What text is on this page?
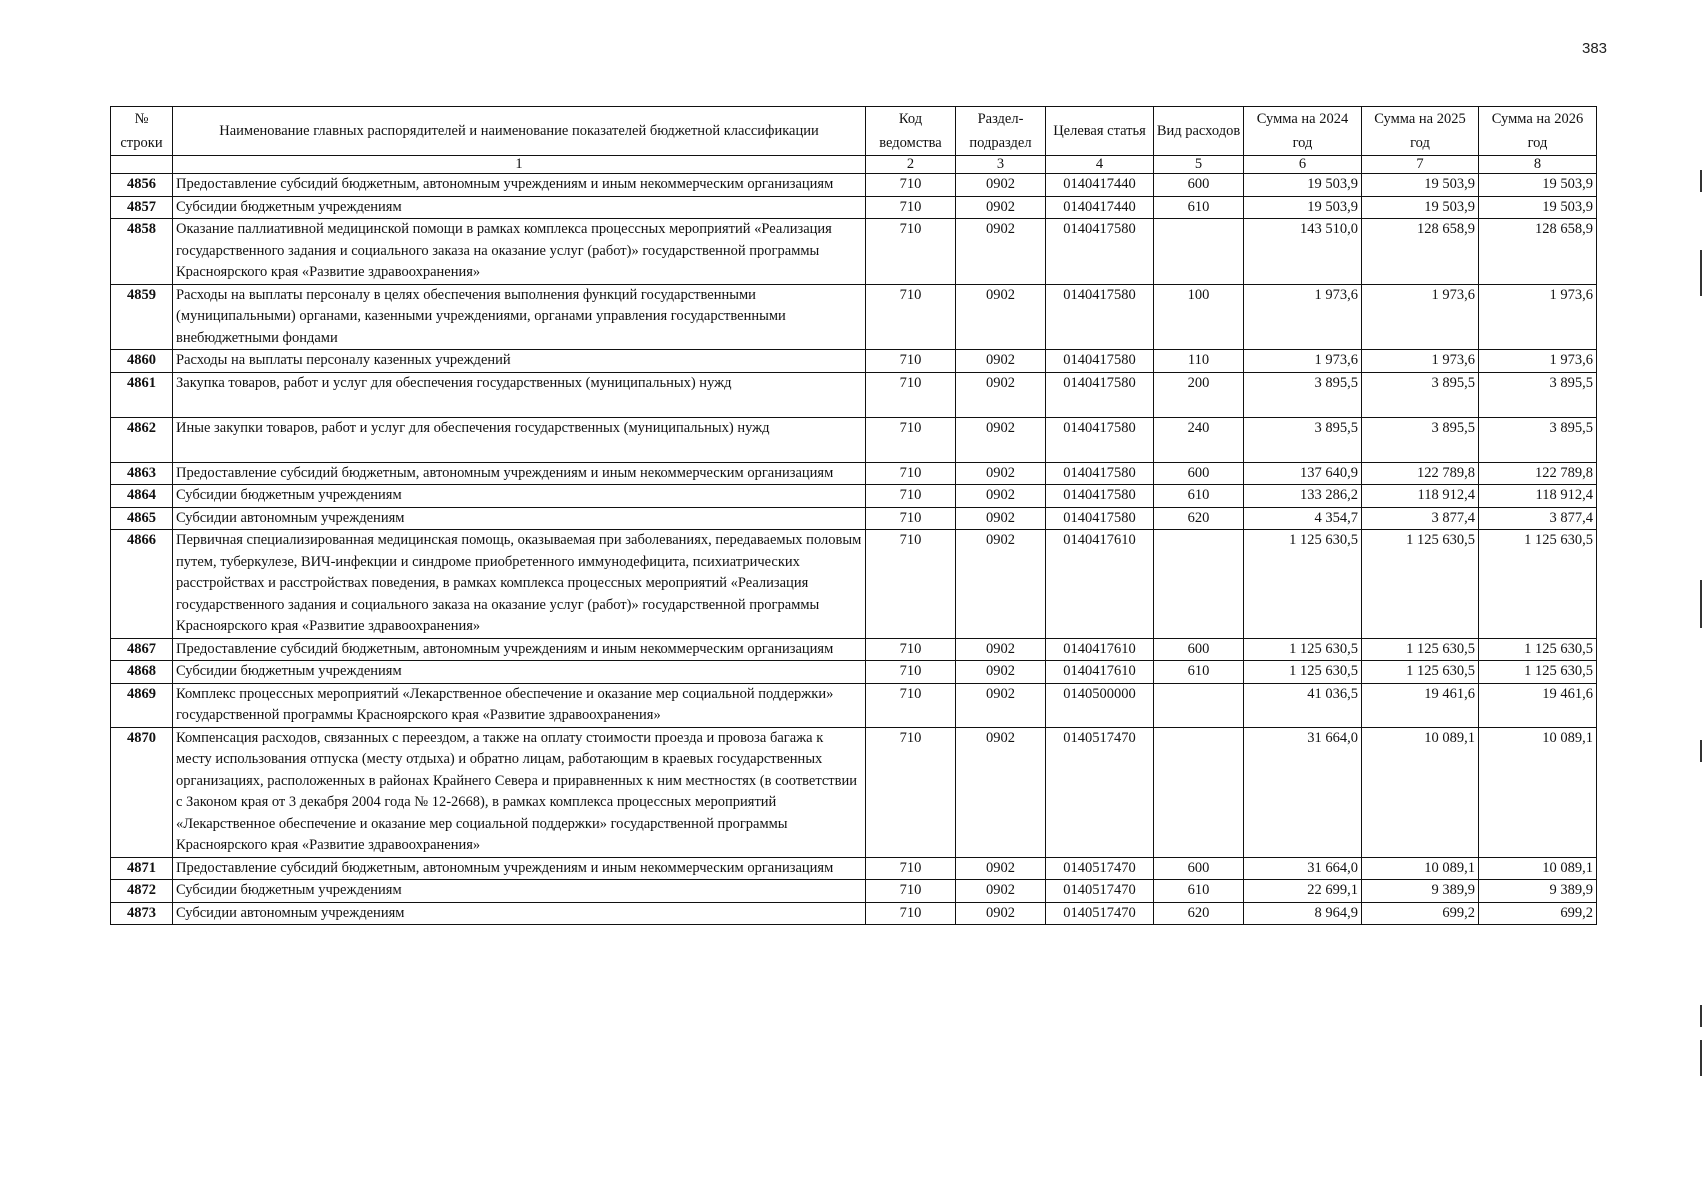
383
№ строки	Наименование главных распорядителей и наименование показателей бюджетной классификации	Код ведомства	Раздел-подраздел	Целевая статья	Вид расходов	Сумма на 2024 год	Сумма на 2025 год	Сумма на 2026 год
	1	2	3	4	5	6	7	8
4856	Предоставление субсидий бюджетным, автономным учреждениям и иным некоммерческим организациям	710	0902	0140417440	600	19 503,9	19 503,9	19 503,9
4857	Субсидии бюджетным учреждениям	710	0902	0140417440	610	19 503,9	19 503,9	19 503,9
4858	Оказание паллиативной медицинской помощи в рамках комплекса процессных мероприятий «Реализация государственного задания и социального заказа на оказание услуг (работ)» государственной программы Красноярского края «Развитие здравоохранения»	710	0902	0140417580		143 510,0	128 658,9	128 658,9
4859	Расходы на выплаты персоналу в целях обеспечения выполнения функций государственными (муниципальными) органами, казенными учреждениями, органами управления государственными внебюджетными фондами	710	0902	0140417580	100	1 973,6	1 973,6	1 973,6
4860	Расходы на выплаты персоналу казенных учреждений	710	0902	0140417580	110	1 973,6	1 973,6	1 973,6
4861	Закупка товаров, работ и услуг для обеспечения государственных (муниципальных) нужд	710	0902	0140417580	200	3 895,5	3 895,5	3 895,5
4862	Иные закупки товаров, работ и услуг для обеспечения государственных (муниципальных) нужд	710	0902	0140417580	240	3 895,5	3 895,5	3 895,5
4863	Предоставление субсидий бюджетным, автономным учреждениям и иным некоммерческим организациям	710	0902	0140417580	600	137 640,9	122 789,8	122 789,8
4864	Субсидии бюджетным учреждениям	710	0902	0140417580	610	133 286,2	118 912,4	118 912,4
4865	Субсидии автономным учреждениям	710	0902	0140417580	620	4 354,7	3 877,4	3 877,4
4866	Первичная специализированная медицинская помощь, оказываемая при заболеваниях, передаваемых половым путем, туберкулезе, ВИЧ-инфекции и синдроме приобретенного иммунодефицита, психиатрических расстройствах и расстройствах поведения, в рамках комплекса процессных мероприятий «Реализация государственного задания и социального заказа на оказание услуг (работ)» государственной программы Красноярского края «Развитие здравоохранения»	710	0902	0140417610		1 125 630,5	1 125 630,5	1 125 630,5
4867	Предоставление субсидий бюджетным, автономным учреждениям и иным некоммерческим организациям	710	0902	0140417610	600	1 125 630,5	1 125 630,5	1 125 630,5
4868	Субсидии бюджетным учреждениям	710	0902	0140417610	610	1 125 630,5	1 125 630,5	1 125 630,5
4869	Комплекс процессных мероприятий «Лекарственное обеспечение и оказание мер социальной поддержки» государственной программы Красноярского края «Развитие здравоохранения»	710	0902	0140500000		41 036,5	19 461,6	19 461,6
4870	Компенсация расходов, связанных с переездом, а также на оплату стоимости проезда и провоза багажа к месту использования отпуска (месту отдыха) и обратно лицам, работающим в краевых государственных организациях, расположенных в районах Крайнего Севера и приравненных к ним местностях (в соответствии с Законом края от 3 декабря 2004 года № 12-2668), в рамках комплекса процессных мероприятий «Лекарственное обеспечение и оказание мер социальной поддержки» государственной программы Красноярского края «Развитие здравоохранения»	710	0902	0140517470		31 664,0	10 089,1	10 089,1
4871	Предоставление субсидий бюджетным, автономным учреждениям и иным некоммерческим организациям	710	0902	0140517470	600	31 664,0	10 089,1	10 089,1
4872	Субсидии бюджетным учреждениям	710	0902	0140517470	610	22 699,1	9 389,9	9 389,9
4873	Субсидии автономным учреждениям	710	0902	0140517470	620	8 964,9	699,2	699,2
